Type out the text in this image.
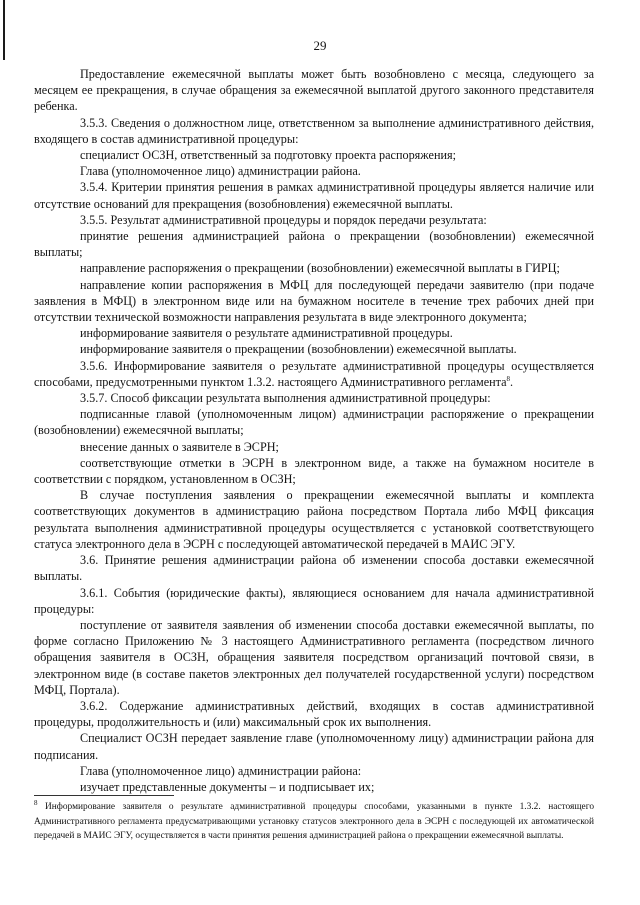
29

Предоставление ежемесячной выплаты может быть возобновлено с месяца, следующего за месяцем ее прекращения, в случае обращения за ежемесячной выплатой другого законного представителя ребенка.

3.5.3. Сведения о должностном лице, ответственном за выполнение административного действия, входящего в состав административной процедуры:

специалист ОСЗН, ответственный за подготовку проекта распоряжения;

Глава (уполномоченное лицо) администрации района.

3.5.4. Критерии принятия решения в рамках административной процедуры является наличие или отсутствие оснований для прекращения (возобновления) ежемесячной выплаты.

3.5.5. Результат административной процедуры и порядок передачи результата:

принятие решения администрацией района о прекращении (возобновлении) ежемесячной выплаты;

направление распоряжения о прекращении (возобновлении) ежемесячной выплаты в ГИРЦ;

направление копии распоряжения в МФЦ для последующей передачи заявителю (при подаче заявления в МФЦ) в электронном виде или на бумажном носителе в течение трех рабочих дней при отсутствии технической возможности направления результата в виде электронного документа;

информирование заявителя о результате административной процедуры.

информирование заявителя о прекращении (возобновлении) ежемесячной выплаты.

3.5.6. Информирование заявителя о результате административной процедуры осуществляется способами, предусмотренными пунктом 1.3.2. настоящего Административного регламента$^8$.

3.5.7. Способ фиксации результата выполнения административной процедуры:

подписанные главой (уполномоченным лицом) администрации распоряжение о прекращении (возобновлении) ежемесячной выплаты;

внесение данных о заявителе в ЭСРН;

соответствующие отметки в ЭСРН в электронном виде, а также на бумажном носителе в соответствии с порядком, установленном в ОСЗН;

В случае поступления заявления о прекращении ежемесячной выплаты и комплекта соответствующих документов в администрацию района посредством Портала либо МФЦ фиксация результата выполнения административной процедуры осуществляется с установкой соответствующего статуса электронного дела в ЭСРН с последующей автоматической передачей в МАИС ЭГУ.

3.6. Принятие решения администрации района об изменении способа доставки ежемесячной выплаты.

3.6.1. События (юридические факты), являющиеся основанием для начала административной процедуры:

поступление от заявителя заявления об изменении способа доставки ежемесячной выплаты, по форме согласно Приложению № 3 настоящего Административного регламента (посредством личного обращения заявителя в ОСЗН, обращения заявителя посредством организаций почтовой связи, в электронном виде (в составе пакетов электронных дел получателей государственной услуги) посредством МФЦ, Портала).

3.6.2. Содержание административных действий, входящих в состав административной процедуры, продолжительность и (или) максимальный срок их выполнения.

Специалист ОСЗН передает заявление главе (уполномоченному лицу) администрации района для подписания.

Глава (уполномоченное лицо) администрации района:

изучает представленные документы – и подписывает их;

$^8$ Информирование заявителя о результате административной процедуры способами, указанными в пункте 1.3.2. настоящего Административного регламента предусматривающими установку статусов электронного дела в ЭСРН с последующей их автоматической передачей в МАИС ЭГУ, осуществляется в части принятия решения администрацией района о прекращении ежемесячной выплаты.
